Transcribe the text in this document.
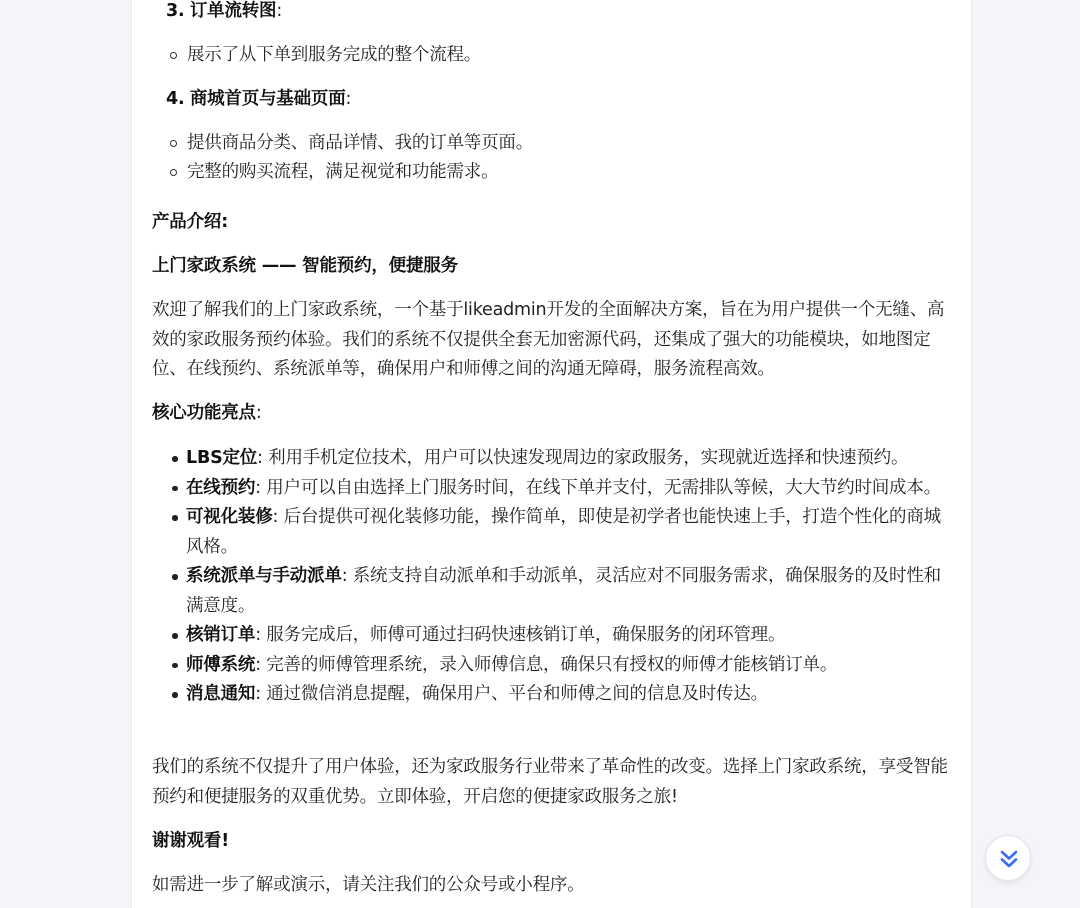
3. 订单流转图:
展示了从下单到服务完成的整个流程。
4. 商城首页与基础页面:
提供商品分类、商品详情、我的订单等页面。
完整的购买流程，满足视觉和功能需求。
产品介绍:
上门家政系统 —— 智能预约，便捷服务
欢迎了解我们的上门家政系统，一个基于likeadmin开发的全面解决方案，旨在为用户提供一个无缝、高效的家政服务预约体验。我们的系统不仅提供全套无加密源代码，还集成了强大的功能模块，如地图定位、在线预约、系统派单等，确保用户和师傅之间的沟通无障碍，服务流程高效。
核心功能亮点:
LBS定位: 利用手机定位技术，用户可以快速发现周边的家政服务，实现就近选择和快速预约。
在线预约: 用户可以自由选择上门服务时间，在线下单并支付，无需排队等候，大大节约时间成本。
可视化装修: 后台提供可视化装修功能，操作简单，即使是初学者也能快速上手，打造个性化的商城风格。
系统派单与手动派单: 系统支持自动派单和手动派单，灵活应对不同服务需求，确保服务的及时性和满意度。
核销订单: 服务完成后，师傅可通过扫码快速核销订单，确保服务的闭环管理。
师傅系统: 完善的师傅管理系统，录入师傅信息，确保只有授权的师傅才能核销订单。
消息通知: 通过微信消息提醒，确保用户、平台和师傅之间的信息及时传达。
我们的系统不仅提升了用户体验，还为家政服务行业带来了革命性的改变。选择上门家政系统，享受智能预约和便捷服务的双重优势。立即体验，开启您的便捷家政服务之旅!
谢谢观看!
如需进一步了解或演示，请关注我们的公众号或小程序。
